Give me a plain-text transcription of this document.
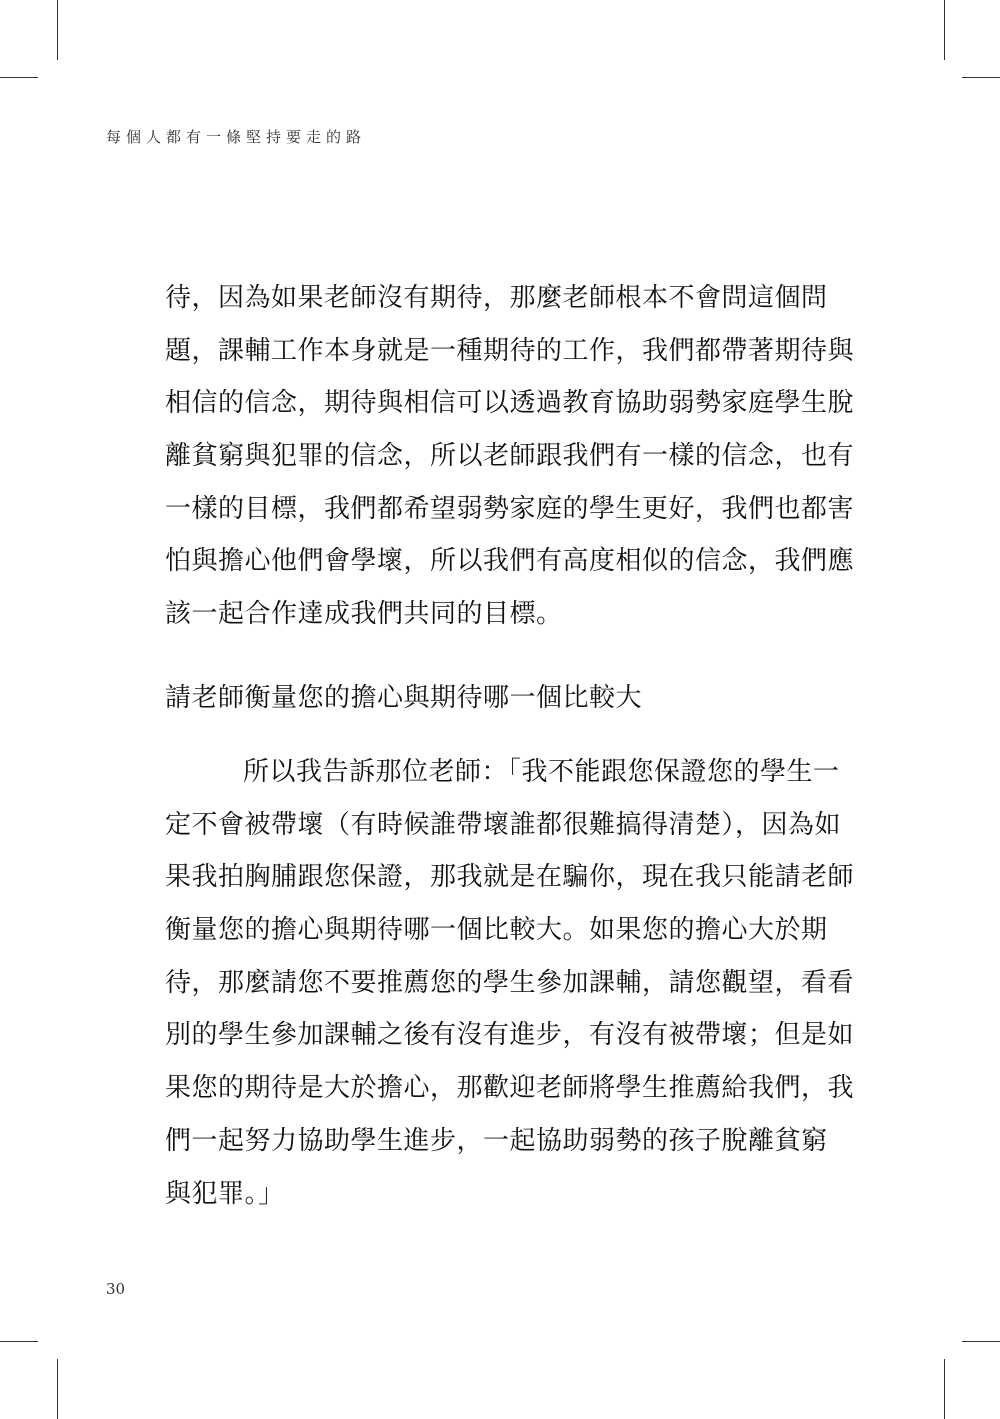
每個人都有一條堅持要走的路
待，因為如果老師沒有期待，那麼老師根本不會問這個問
題，課輔工作本身就是一種期待的工作，我們都帶著期待與
相信的信念，期待與相信可以透過教育協助弱勢家庭學生脫
離貧窮與犯罪的信念，所以老師跟我們有一樣的信念，也有
一樣的目標，我們都希望弱勢家庭的學生更好，我們也都害
怕與擔心他們會學壞，所以我們有高度相似的信念，我們應
該一起合作達成我們共同的目標。
請老師衡量您的擔心與期待哪一個比較大
所以我告訴那位老師：「我不能跟您保證您的學生一
定不會被帶壞（有時候誰帶壞誰都很難搞得清楚），因為如
果我拍胸脯跟您保證，那我就是在騙你，現在我只能請老師
衡量您的擔心與期待哪一個比較大。如果您的擔心大於期
待，那麼請您不要推薦您的學生參加課輔，請您觀望，看看
別的學生參加課輔之後有沒有進步，有沒有被帶壞；但是如
果您的期待是大於擔心，那歡迎老師將學生推薦給我們，我
們一起努力協助學生進步，一起協助弱勢的孩子脫離貧窮
與犯罪。」
30
